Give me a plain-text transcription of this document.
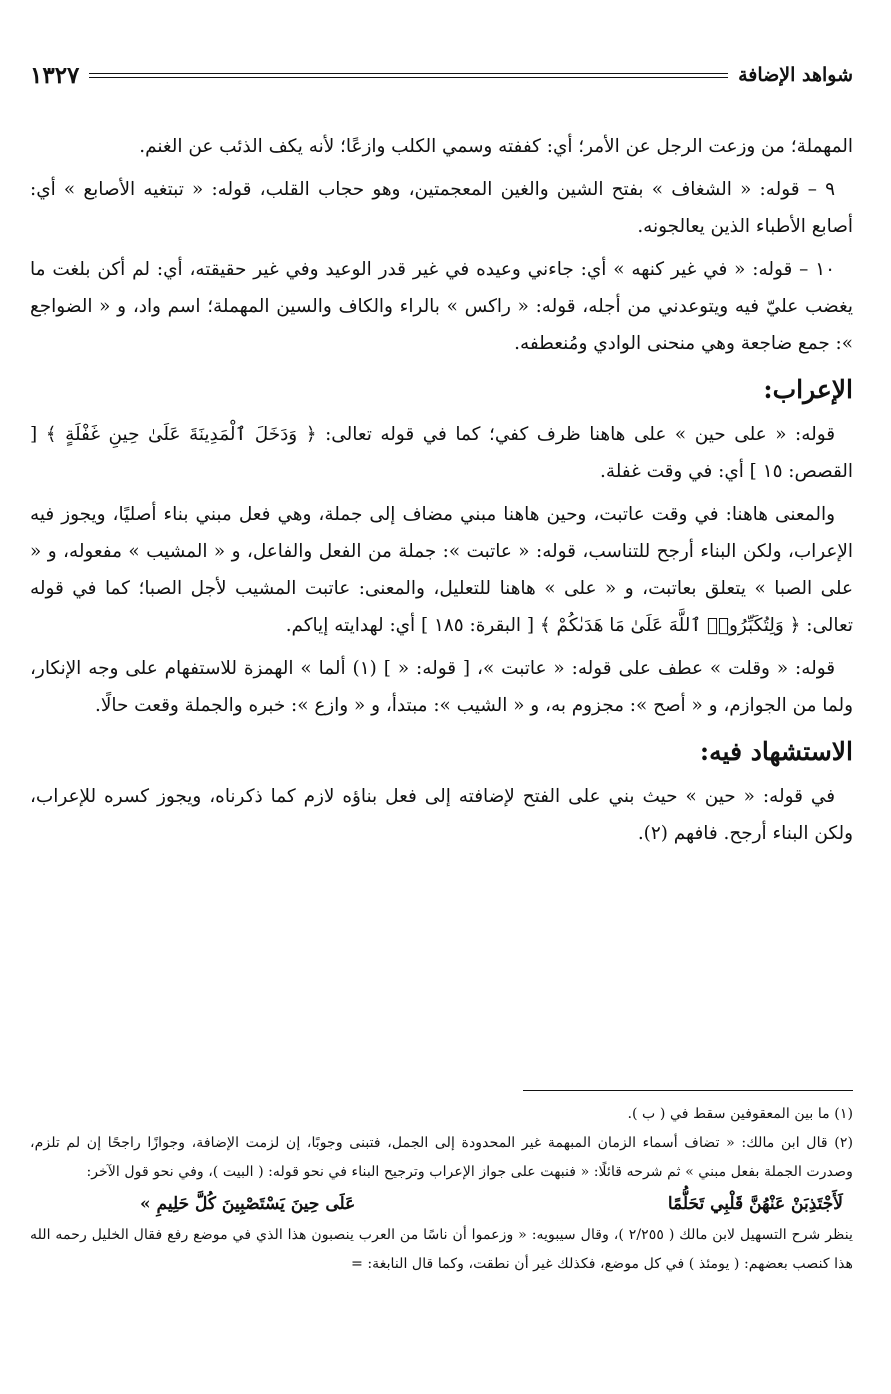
شواهد الإضافة
١٣٢٧

المهملة؛ من وزعت الرجل عن الأمر؛ أي: كففته وسمي الكلب وازعًا؛ لأنه يكف الذئب عن الغنم.

٩ – قوله: « الشغاف » بفتح الشين والغين المعجمتين، وهو حجاب القلب، قوله: « تبتغيه الأصابع » أي: أصابع الأطباء الذين يعالجونه.

١٠ – قوله: « في غير كنهه » أي: جاءني وعيده في غير قدر الوعيد وفي غير حقيقته، أي: لم أكن بلغت ما يغضب عليّ فيه ويتوعدني من أجله، قوله: « راكس » بالراء والكاف والسين المهملة؛ اسم واد، و « الضواجع »: جمع ضاجعة وهي منحنى الوادي ومُنعطفه.

الإعراب:

قوله: « على حين » على هاهنا ظرف كفي؛ كما في قوله تعالى: ﴿ وَدَخَلَ ٱلْمَدِينَةَ عَلَىٰ حِينِ غَفْلَةٍ ﴾ [ القصص: ١٥ ] أي: في وقت غفلة.

والمعنى هاهنا: في وقت عاتبت، وحين هاهنا مبني مضاف إلى جملة، وهي فعل مبني بناء أصليًا، ويجوز فيه الإعراب، ولكن البناء أرجح للتناسب، قوله: « عاتبت »: جملة من الفعل والفاعل، و « المشيب » مفعوله، و « على الصبا » يتعلق بعاتبت، و « على » هاهنا للتعليل، والمعنى: عاتبت المشيب لأجل الصبا؛ كما في قوله تعالى: ﴿ وَلِتُكَبِّرُوا۟ ٱللَّهَ عَلَىٰ مَا هَدَىٰكُمْ ﴾ [ البقرة: ١٨٥ ] أي: لهدايته إياكم.

قوله: « وقلت » عطف على قوله: « عاتبت »، [ قوله: « ] (١) ألما » الهمزة للاستفهام على وجه الإنكار، ولما من الجوازم، و « أصح »: مجزوم به، و « الشيب »: مبتدأ، و « وازع »: خبره والجملة وقعت حالًا.

الاستشهاد فيه:

في قوله: « حين » حيث بني على الفتح لإضافته إلى فعل بناؤه لازم كما ذكرناه، ويجوز كسره للإعراب، ولكن البناء أرجح. فافهم (٢).

(١) ما بين المعقوفين سقط في ( ب ).

(٢) قال ابن مالك: « تضاف أسماء الزمان المبهمة غير المحدودة إلى الجمل، فتبنى وجوبًا، إن لزمت الإضافة، وجوازًا راجحًا إن لم تلزم، وصدرت الجملة بفعل مبني » ثم شرحه قائلًا: « فنبهت على جواز الإعراب وترجيح البناء في نحو قوله: ( البيت )، وفي نحو قول الآخر:

لَأَجْتَذِبَنْ عَنْهُنَّ قَلْبِي تَحَلُّمًا
عَلَى حِينَ يَسْتَصْبِينَ كُلَّ حَلِيمِ »

ينظر شرح التسهيل لابن مالك ( ٢/٢٥٥ )، وقال سيبويه: « وزعموا أن ناسًا من العرب ينصبون هذا الذي في موضع رفع فقال الخليل رحمه الله هذا كنصب بعضهم: ( يومئذ ) في كل موضع، فكذلك غير أن نطقت، وكما قال النابغة: =
